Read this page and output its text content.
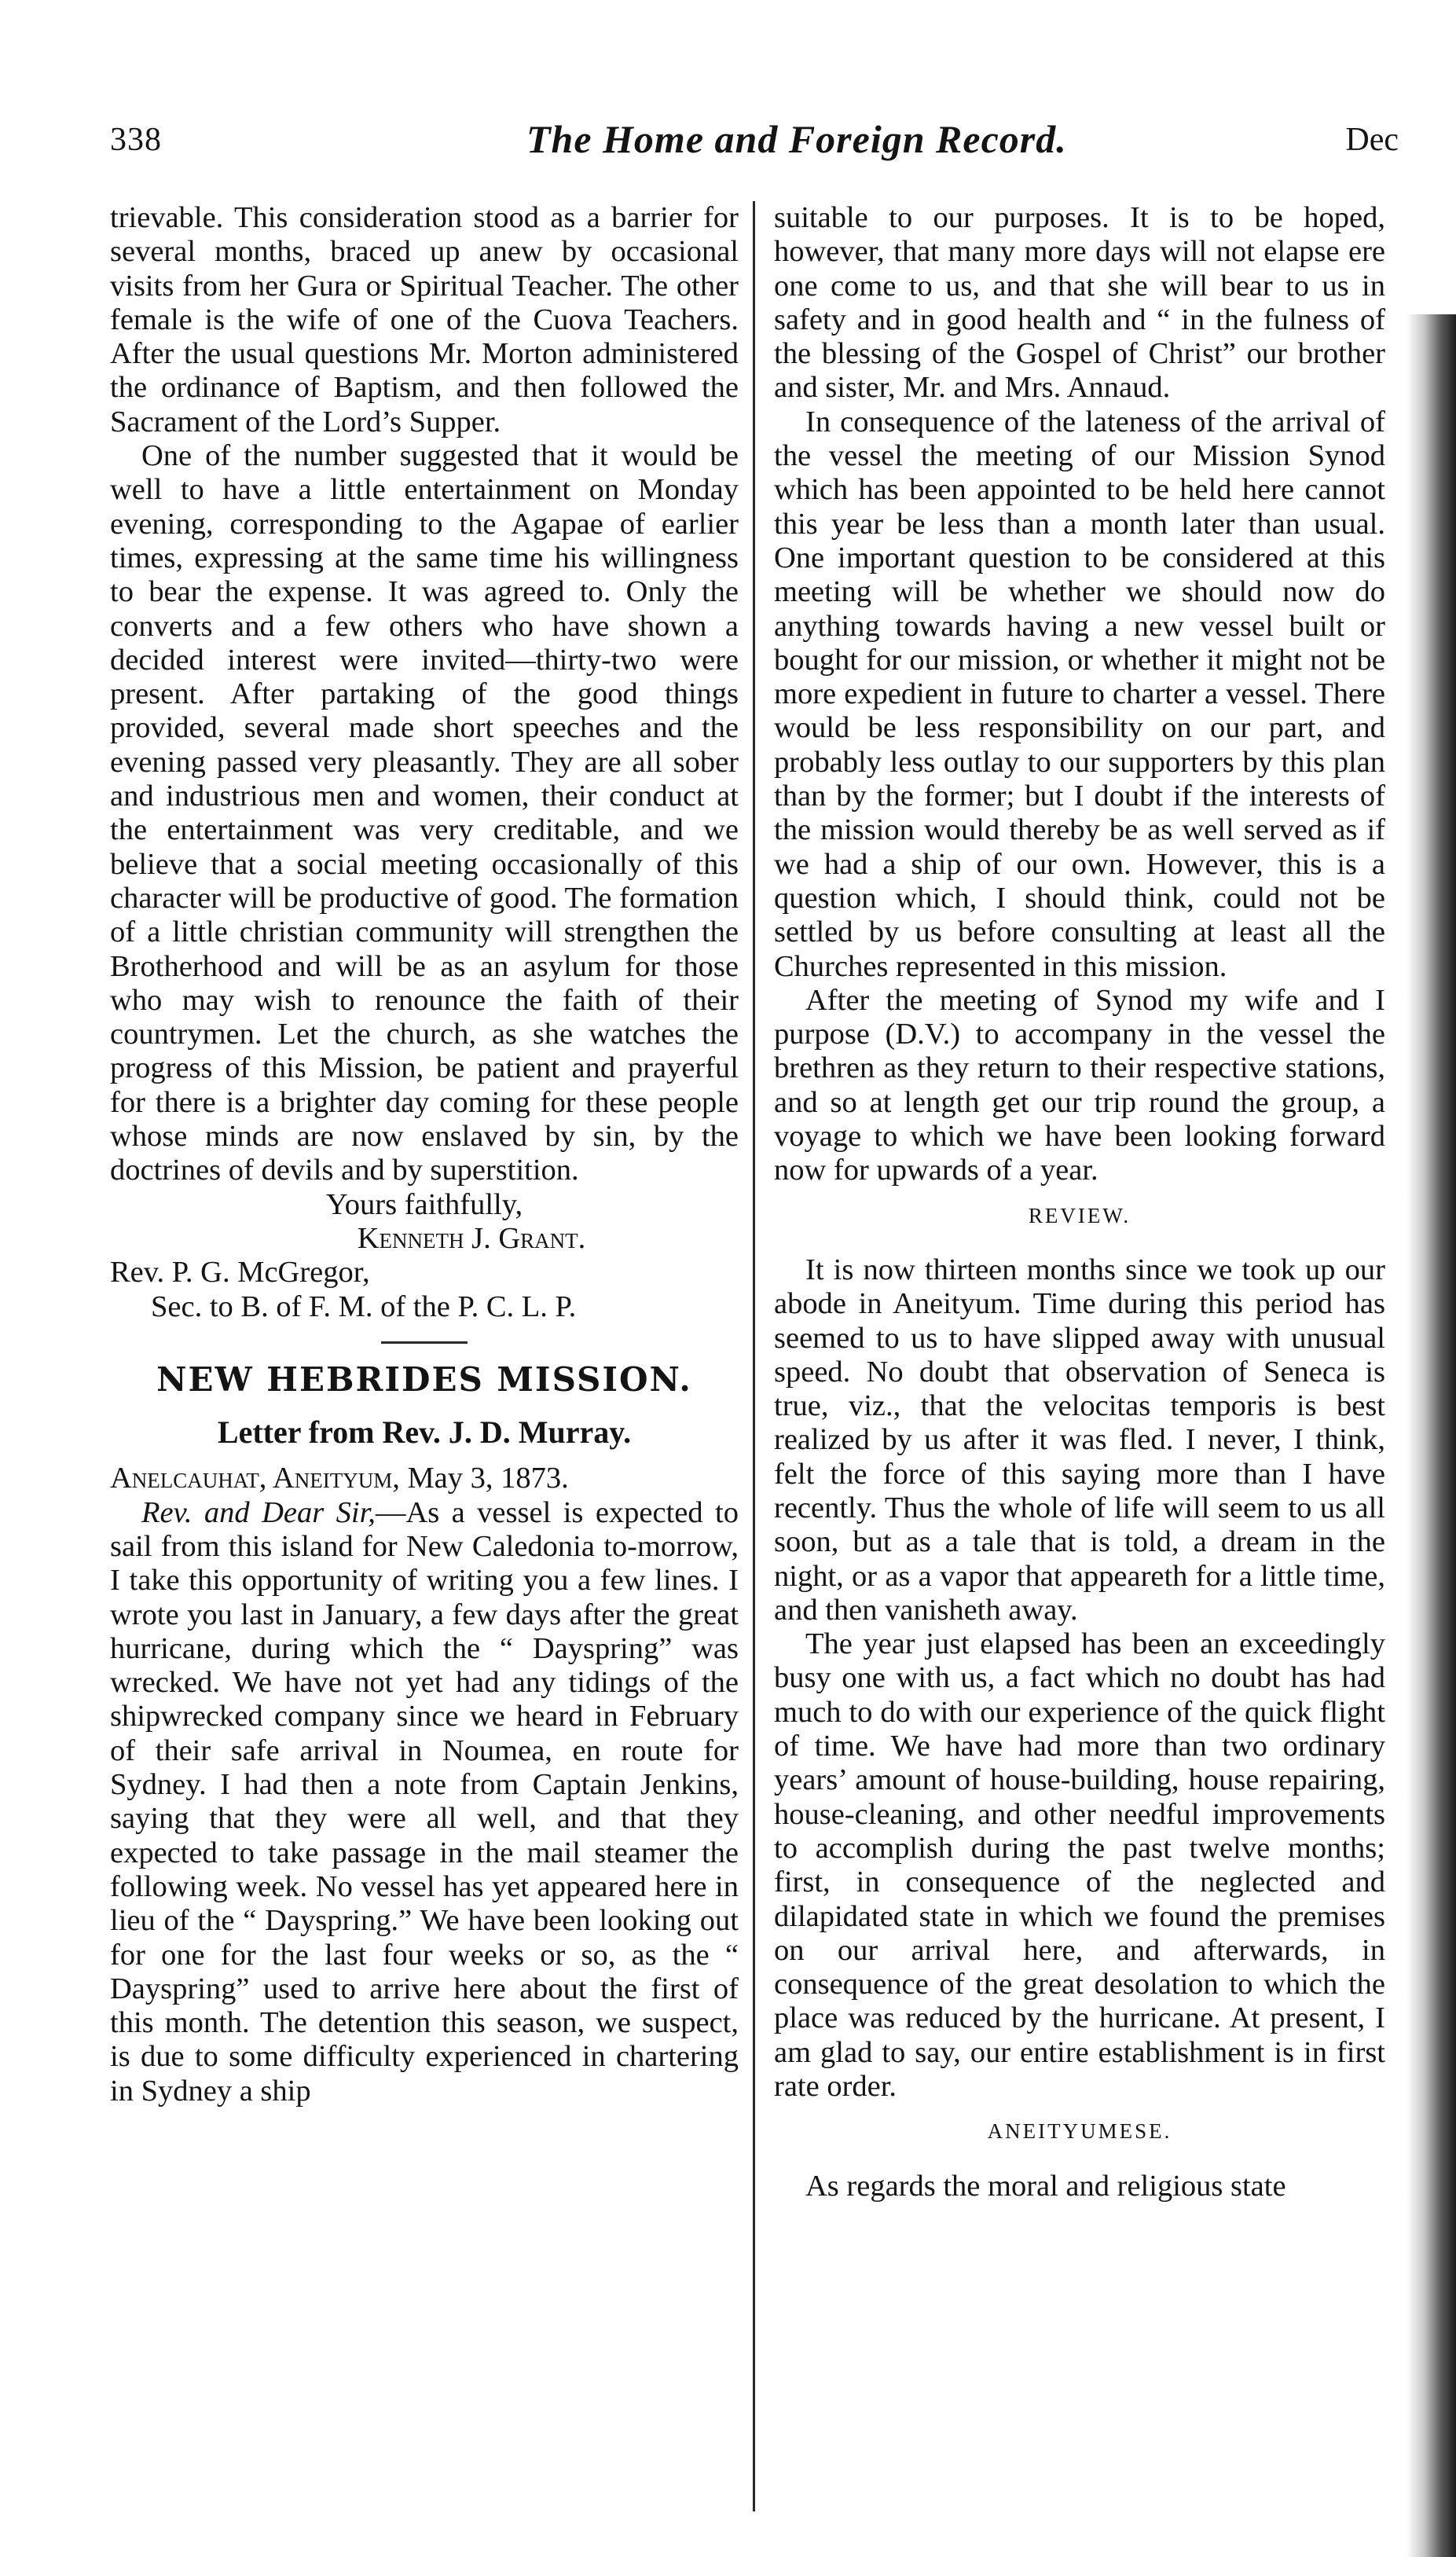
338	The Home and Foreign Record.	Dec

trievable. This consideration stood as a barrier for several months, braced up anew by occasional visits from her Gura or Spiritual Teacher. The other female is the wife of one of the Cuova Teachers. After the usual questions Mr. Morton administered the ordinance of Baptism, and then followed the Sacrament of the Lord’s Supper.

One of the number suggested that it would be well to have a little entertainment on Monday evening, corresponding to the Agapae of earlier times, expressing at the same time his willingness to bear the expense. It was agreed to. Only the converts and a few others who have shown a decided interest were invited—thirty-two were present. After partaking of the good things provided, several made short speeches and the evening passed very pleasantly. They are all sober and industrious men and women, their conduct at the entertainment was very creditable, and we believe that a social meeting occasionally of this character will be productive of good. The formation of a little christian community will strengthen the Brotherhood and will be as an asylum for those who may wish to renounce the faith of their countrymen. Let the church, as she watches the progress of this Mission, be patient and prayerful for there is a brighter day coming for these people whose minds are now enslaved by sin, by the doctrines of devils and by superstition.

Yours faithfully,

Kenneth J. Grant.

Rev. P. G. McGregor,

Sec. to B. of F. M. of the P. C. L. P.

NEW HEBRIDES MISSION.

Letter from Rev. J. D. Murray.

Anelcauhat, Aneityum, May 3, 1873.

Rev. and Dear Sir,—As a vessel is expected to sail from this island for New Caledonia to-morrow, I take this opportunity of writing you a few lines. I wrote you last in January, a few days after the great hurricane, during which the “ Dayspring” was wrecked. We have not yet had any tidings of the shipwrecked company since we heard in February of their safe arrival in Noumea, en route for Sydney. I had then a note from Captain Jenkins, saying that they were all well, and that they expected to take passage in the mail steamer the following week. No vessel has yet appeared here in lieu of the “ Dayspring.” We have been looking out for one for the last four weeks or so, as the “ Dayspring” used to arrive here about the first of this month. The detention this season, we suspect, is due to some difficulty experienced in chartering in Sydney a ship

suitable to our purposes. It is to be hoped, however, that many more days will not elapse ere one come to us, and that she will bear to us in safety and in good health and “ in the fulness of the blessing of the Gospel of Christ” our brother and sister, Mr. and Mrs. Annaud.

In consequence of the lateness of the arrival of the vessel the meeting of our Mission Synod which has been appointed to be held here cannot this year be less than a month later than usual. One important question to be considered at this meeting will be whether we should now do anything towards having a new vessel built or bought for our mission, or whether it might not be more expedient in future to charter a vessel. There would be less responsibility on our part, and probably less outlay to our supporters by this plan than by the former; but I doubt if the interests of the mission would thereby be as well served as if we had a ship of our own. However, this is a question which, I should think, could not be settled by us before consulting at least all the Churches represented in this mission.

After the meeting of Synod my wife and I purpose (D.V.) to accompany in the vessel the brethren as they return to their respective stations, and so at length get our trip round the group, a voyage to which we have been looking forward now for upwards of a year.

REVIEW.

It is now thirteen months since we took up our abode in Aneityum. Time during this period has seemed to us to have slipped away with unusual speed. No doubt that observation of Seneca is true, viz., that the velocitas temporis is best realized by us after it was fled. I never, I think, felt the force of this saying more than I have recently. Thus the whole of life will seem to us all soon, but as a tale that is told, a dream in the night, or as a vapor that appeareth for a little time, and then vanisheth away.

The year just elapsed has been an exceedingly busy one with us, a fact which no doubt has had much to do with our experience of the quick flight of time. We have had more than two ordinary years’ amount of house-building, house repairing, house-cleaning, and other needful improvements to accomplish during the past twelve months; first, in consequence of the neglected and dilapidated state in which we found the premises on our arrival here, and afterwards, in consequence of the great desolation to which the place was reduced by the hurricane. At present, I am glad to say, our entire establishment is in first rate order.

ANEITYUMESE.

As regards the moral and religious state
